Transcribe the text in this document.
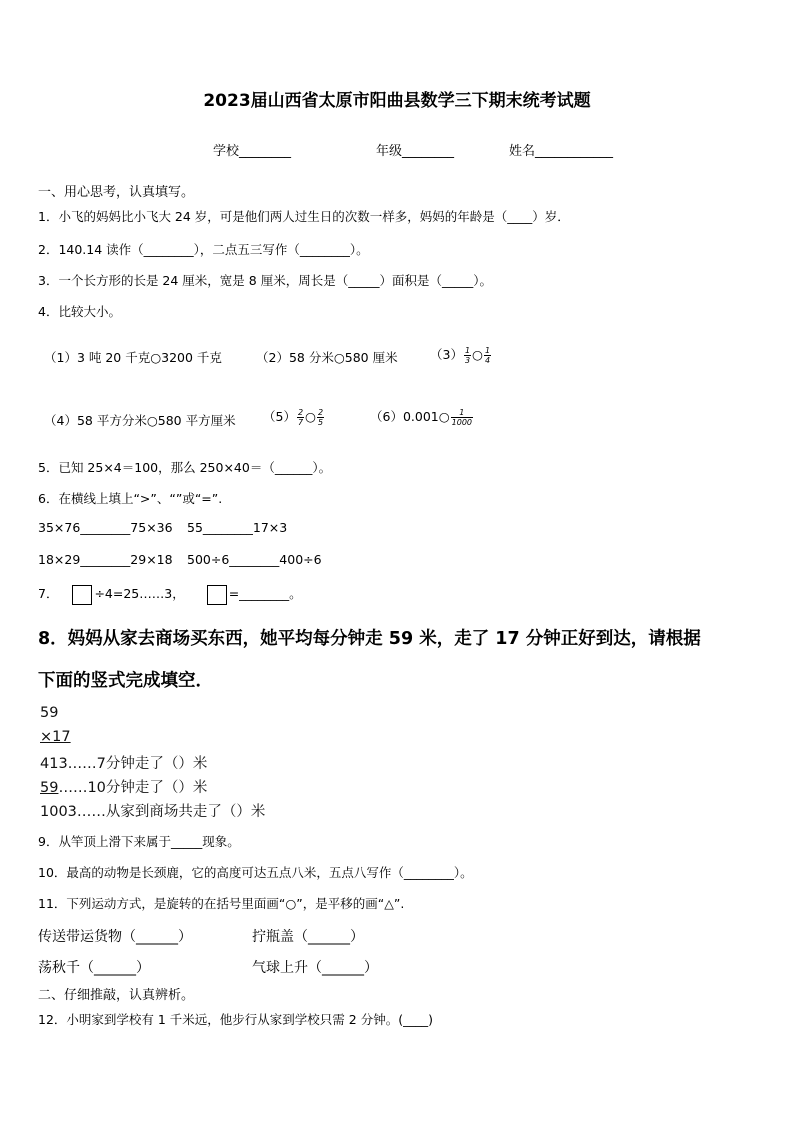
2023届山西省太原市阳曲县数学三下期末统考试题
学校________	年级________	姓名____________
一、用心思考，认真填写。
1．小飞的妈妈比小飞大 24 岁，可是他们两人过生日的次数一样多，妈妈的年龄是（____）岁．
2．140.14 读作（________），二点五三写作（________）。
3．一个长方形的长是 24 厘米，宽是 8 厘米，周长是（_____）面积是（_____）。
4．比较大小。
（1）3 吨 20 千克○3200 千克	（2）58 分米○580 厘米	$(3) \frac{1}{3}$ ○ $\frac{1}{4}$
（4）58 平方分米○580 平方厘米 $(5) \frac{2}{7}$ ○ $\frac{2}{5}$	（6）0.001○ $\frac{1}{1000}$
5．已知 25×4＝100，那么 250×40＝（______）。
6．在横线上填上“>”、“”或“=”.
35×76________75×36 55________17×3
18×29________29×18 500÷6________400÷6
7．	÷4=25……3，	=________。
8．妈妈从家去商场买东西，她平均每分钟走 59 米，走了 17 分钟正好到达，请根据
下面的竖式完成填空．
59
×17
413……7分钟走了（）米
59……10分钟走了（）米
1003……从家到商场共走了（）米
9．从竿顶上滑下来属于_____现象。
10．最高的动物是长颈鹿，它的高度可达五点八米，五点八写作（________）。
11．下列运动方式，是旋转的在括号里面画“○”，是平移的画“△”.
传送带运货物（______）	拧瓶盖（______）
荡秋千（______）	气球上升（______）
二、仔细推敲，认真辨析。
12．小明家到学校有 1 千米远，他步行从家到学校只需 2 分钟。(____)
